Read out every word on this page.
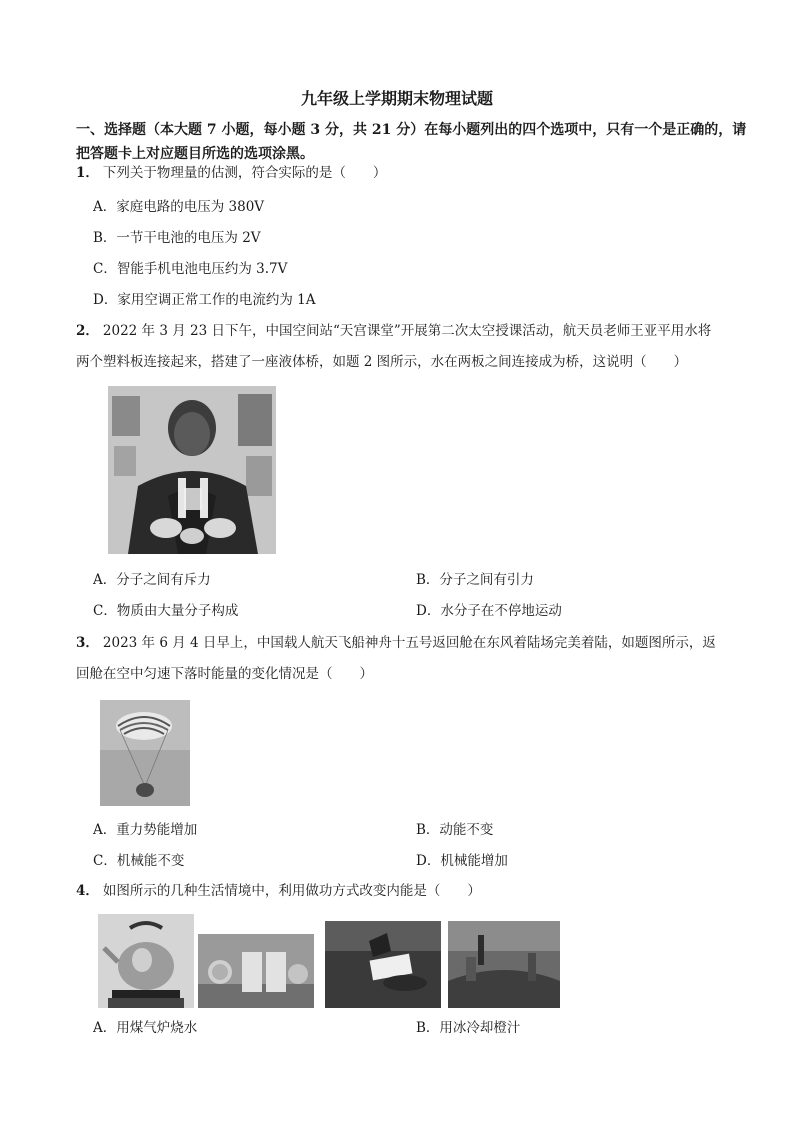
九年级上学期期末物理试题
一、选择题（本大题 7 小题，每小题 3 分，共 21 分）在每小题列出的四个选项中，只有一个是正确的，请把答题卡上对应题目所选的选项涂黑。
1． 下列关于物理量的估测，符合实际的是（　　）
A．家庭电路的电压为 380V
B．一节干电池的电压为 2V
C．智能手机电池电压约为 3.7V
D．家用空调正常工作的电流约为 1A
2． 2022 年 3 月 23 日下午，中国空间站“天宫课堂”开展第二次太空授课活动，航天员老师王亚平用水将
两个塑料板连接起来，搭建了一座液体桥，如题 2 图所示，水在两板之间连接成为桥，这说明（　　）
A．分子之间有斥力	B．分子之间有引力
C．物质由大量分子构成	D．水分子在不停地运动
3． 2023 年 6 月 4 日早上，中国载人航天飞船神舟十五号返回舱在东风着陆场完美着陆，如题图所示，返
回舱在空中匀速下落时能量的变化情况是（　　）
A．重力势能增加	B．动能不变
C．机械能不变	D．机械能增加
4． 如图所示的几种生活情境中，利用做功方式改变内能是（　　）
A．用煤气炉烧水	B．用冰冷却橙汁
